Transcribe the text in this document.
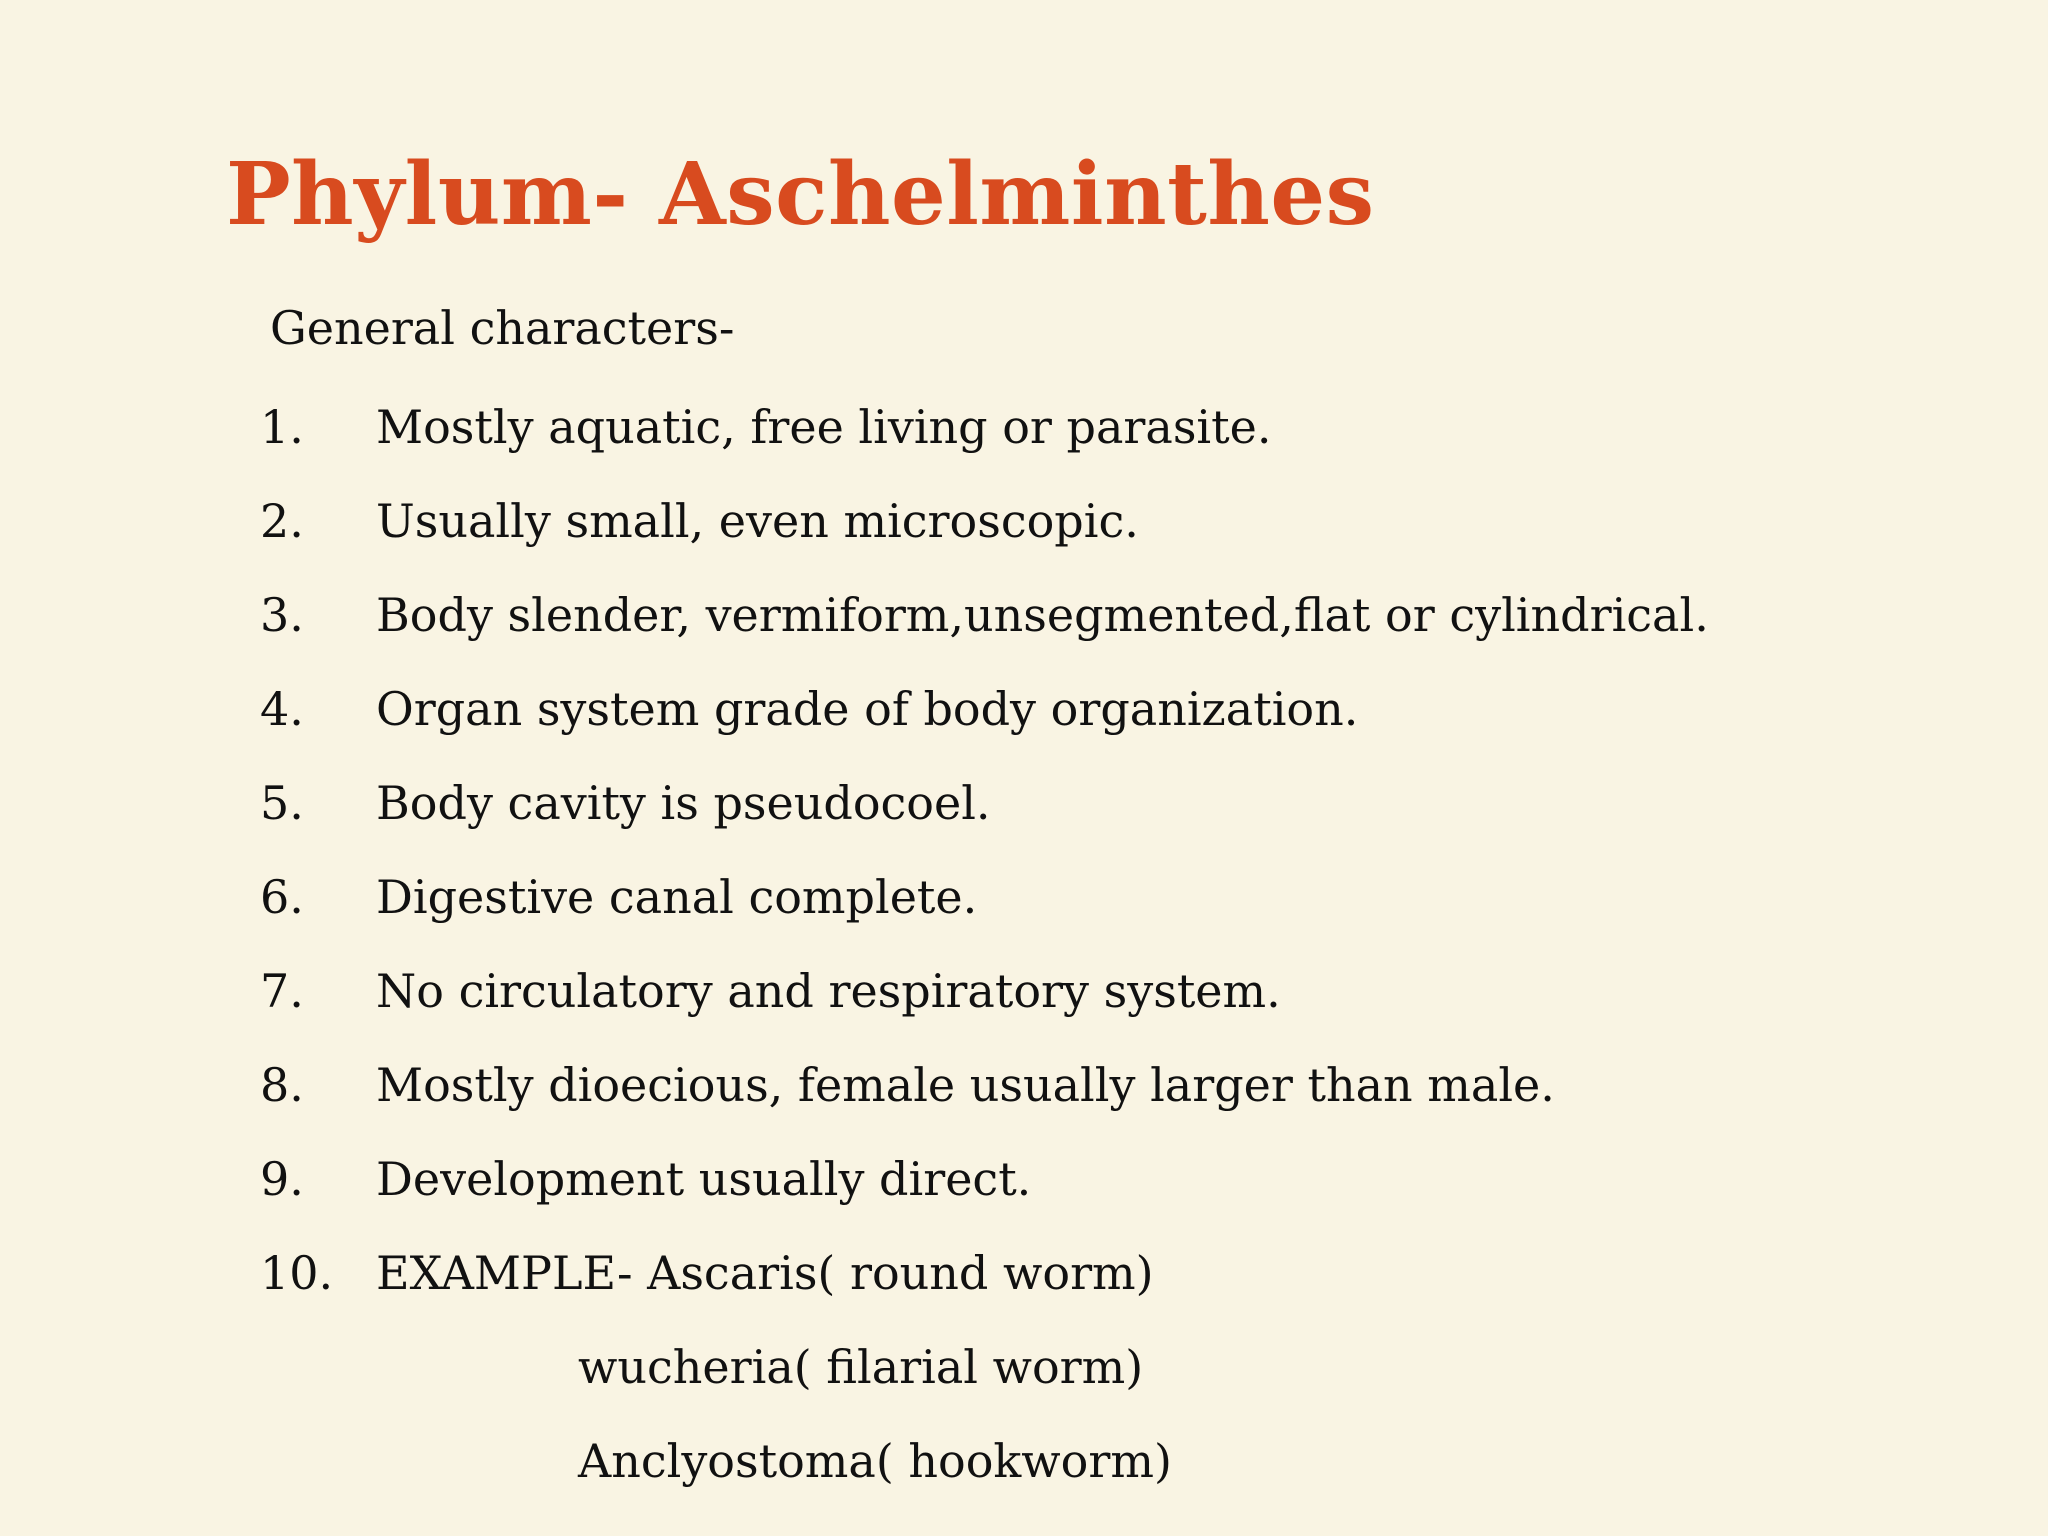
Phylum- Aschelminthes
General characters-
1.	Mostly aquatic, free living or parasite.
2.	Usually small, even microscopic.
3.	Body slender, vermiform,unsegmented,flat or cylindrical.
4.	Organ system grade of body organization.
5.	Body cavity is pseudocoel.
6.	Digestive canal complete.
7.	No circulatory and respiratory system.
8.	Mostly dioecious, female usually larger than male.
9.	Development usually direct.
10. EXAMPLE- Ascaris( round worm)
wucheria( filarial worm)
Anclyostoma( hookworm)
